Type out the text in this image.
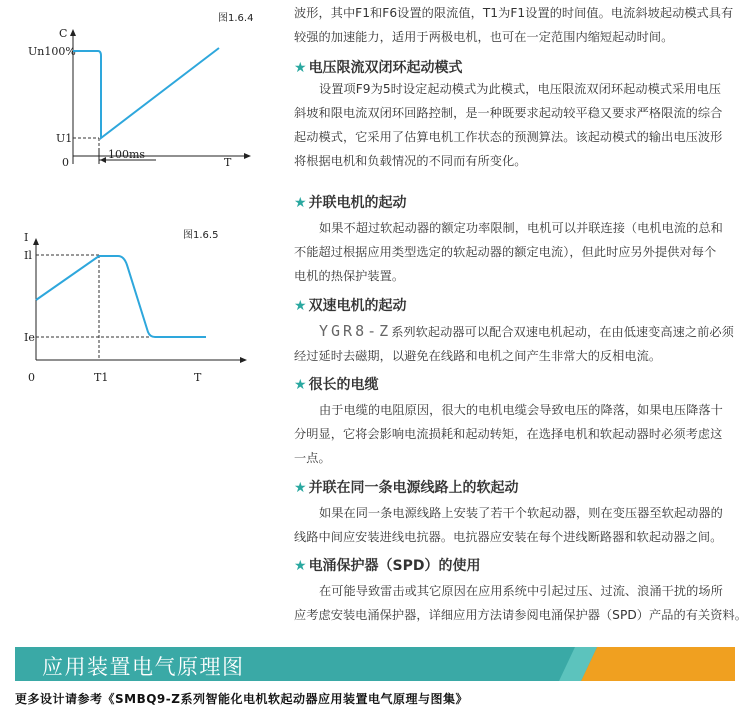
图1.6.4
C
Un100%
U1
0	T
100ms
图1.6.5
I
Il
Ie
0	T1	T

波形，其中F1和F6设置的限流值，T1为F1设置的时间值。电流斜坡起动模式具有

较强的加速能力，适用于两极电机，也可在一定范围内缩短起动时间。

★ 电压限流双闭环起动模式

设置项F9为5时设定起动模式为此模式，电压限流双闭环起动模式采用电压

斜坡和限电流双闭环回路控制，是一种既要求起动较平稳又要求严格限流的综合

起动模式，它采用了估算电机工作状态的预测算法。该起动模式的输出电压波形

将根据电机和负载情况的不同而有所变化。

★ 并联电机的起动

如果不超过软起动器的额定功率限制，电机可以并联连接（电机电流的总和

不能超过根据应用类型选定的软起动器的额定电流），但此时应另外提供对每个

电机的热保护装置。

★ 双速电机的起动

YGR8-Z系列软起动器可以配合双速电机起动，在由低速变高速之前必须

经过延时去磁期，以避免在线路和电机之间产生非常大的反相电流。

★ 很长的电缆

由于电缆的电阻原因，很大的电机电缆会导致电压的降落，如果电压降落十

分明显，它将会影响电流损耗和起动转矩，在选择电机和软起动器时必须考虑这

一点。

★ 并联在同一条电源线路上的软起动

如果在同一条电源线路上安装了若干个软起动器，则在变压器至软起动器的

线路中间应安装进线电抗器。电抗器应安装在每个进线断路器和软起动器之间。

★ 电涌保护器（SPD）的使用

在可能导致雷击或其它原因在应用系统中引起过压、过流、浪涌干扰的场所

应考虑安装电涌保护器，详细应用方法请参阅电涌保护器（SPD）产品的有关资料。

应用装置电气原理图
更多设计请参考《SMBQ9-Z系列智能化电机软起动器应用装置电气原理与图集》
